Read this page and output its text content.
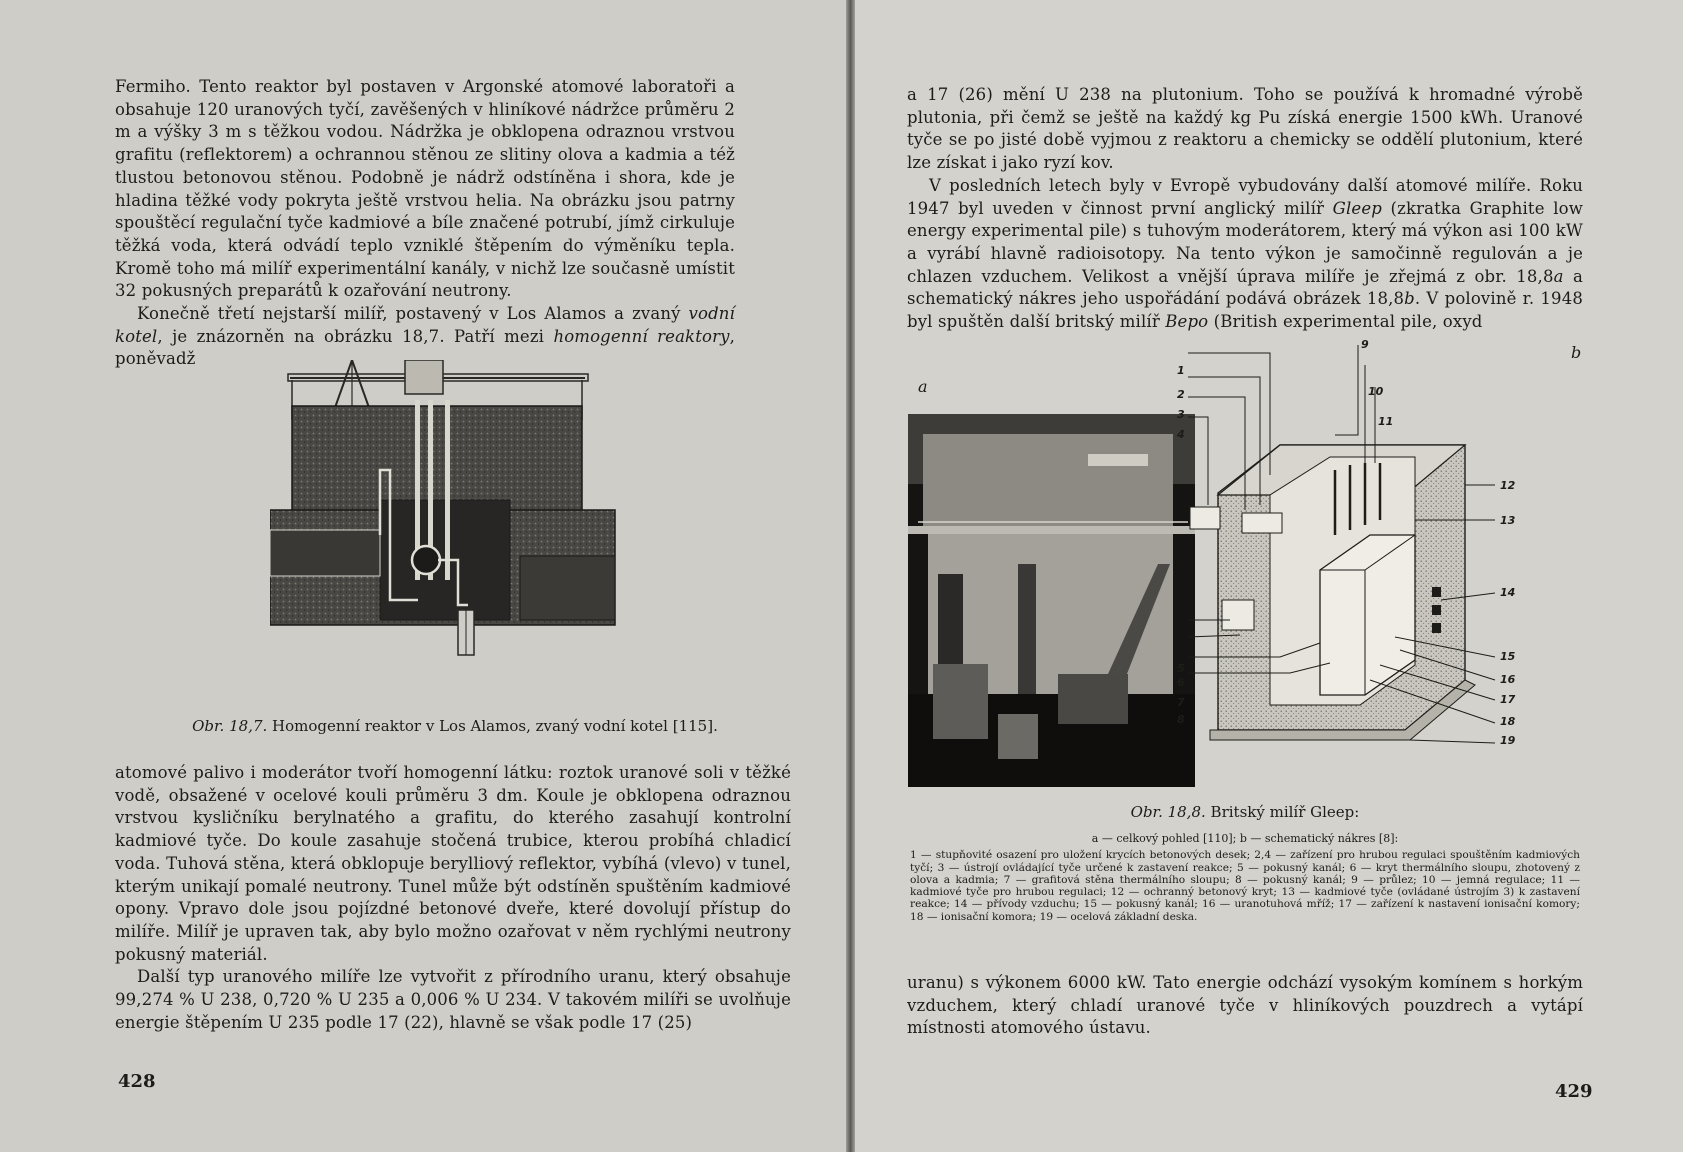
Fermiho. Tento reaktor byl postaven v Argonské atomové laboratoři a obsahuje 120 uranových tyčí, zavěšených v hliníkové nádržce průměru 2 m a výšky 3 m s těžkou vodou. Nádržka je obklopena odraznou vrstvou grafitu (reflektorem) a ochrannou stěnou ze slitiny olova a kadmia a též tlustou betonovou stěnou. Podobně je nádrž odstíněna i shora, kde je hladina těžké vody pokryta ještě vrstvou helia. Na obrázku jsou patrny spouštěcí regulační tyče kadmiové a bíle značené potrubí, jímž cirkuluje těžká voda, která odvádí teplo vzniklé štěpením do výměníku tepla. Kromě toho má milíř experimentální kanály, v nichž lze současně umístit 32 pokusných preparátů k ozařování neutrony.

Konečně třetí nejstarší milíř, postavený v Los Alamos a zvaný vodní kotel, je znázorněn na obrázku 18,7. Patří mezi homogenní reaktory, poněvadž

Obr. 18,7. Homogenní reaktor v Los Alamos, zvaný vodní kotel [115].

atomové palivo i moderátor tvoří homogenní látku: roztok uranové soli v těžké vodě, obsažené v ocelové kouli průměru 3 dm. Koule je obklopena odraznou vrstvou kysličníku berylnatého a grafitu, do kterého zasahují kontrolní kadmiové tyče. Do koule zasahuje stočená trubice, kterou probíhá chladicí voda. Tuhová stěna, která obklopuje berylliový reflektor, vybíhá (vlevo) v tunel, kterým unikají pomalé neutrony. Tunel může být odstíněn spuštěním kadmiové opony. Vpravo dole jsou pojízdné betonové dveře, které dovolují přístup do milíře. Milíř je upraven tak, aby bylo možno ozařovat v něm rychlými neutrony pokusný materiál.

Další typ uranového milíře lze vytvořit z přírodního uranu, který obsahuje 99,274 % U 238, 0,720 % U 235 a 0,006 % U 234. V takovém milíři se uvolňuje energie štěpením U 235 podle 17 (22), hlavně se však podle 17 (25)

428

a 17 (26) mění U 238 na plutonium. Toho se používá k hromadné výrobě plutonia, při čemž se ještě na každý kg Pu získá energie 1500 kWh. Uranové tyče se po jisté době vyjmou z reaktoru a chemicky se oddělí plutonium, které lze získat i jako ryzí kov.

V posledních letech byly v Evropě vybudovány další atomové milíře. Roku 1947 byl uveden v činnost první anglický milíř Gleep (zkratka Graphite low energy experimental pile) s tuhovým moderátorem, který má výkon asi 100 kW a vyrábí hlavně radioisotopy. Na tento výkon je samočinně regulován a je chlazen vzduchem. Velikost a vnější úprava milíře je zřejmá z obr. 18,8a a schematický nákres jeho uspořádání podává obrázek 18,8b. V polovině r. 1948 byl spuštěn další britský milíř Bepo (British experimental pile, oxyd

a
b
1
2
3
4
5
6
7
8
9
10
11
12
13
14
15
16
17
18
19
Obr. 18,8. Britský milíř Gleep:
a — celkový pohled [110]; b — schematický nákres [8]:
1 — stupňovité osazení pro uložení krycích betonových desek; 2,4 — zařízení pro hrubou regulaci spouštěním kadmiových tyčí; 3 — ústrojí ovládající tyče určené k zastavení reakce; 5 — pokusný kanál; 6 — kryt thermálního sloupu, zhotovený z olova a kadmia; 7 — grafitová stěna thermálního sloupu; 8 — pokusný kanál; 9 — průlez; 10 — jemná regulace; 11 — kadmiové tyče pro hrubou regulaci; 12 — ochranný betonový kryt; 13 — kadmiové tyče (ovládané ústrojím 3) k zastavení reakce; 14 — přívody vzduchu; 15 — pokusný kanál; 16 — uranotuhová mříž; 17 — zařízení k nastavení ionisační komory; 18 — ionisační komora; 19 — ocelová základní deska.

uranu) s výkonem 6000 kW. Tato energie odchází vysokým komínem s horkým vzduchem, který chladí uranové tyče v hliníkových pouzdrech a vytápí místnosti atomového ústavu.

429
